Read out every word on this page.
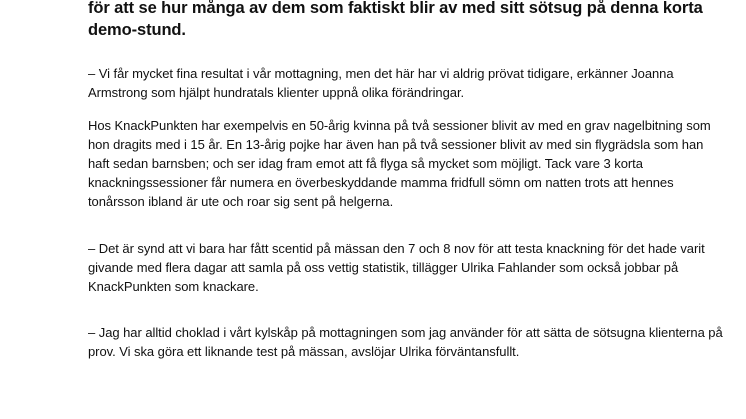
för att se hur många av dem som faktiskt blir av med sitt sötsug på denna korta demo-stund.

– Vi får mycket fina resultat i vår mottagning, men det här har vi aldrig prövat tidigare, erkänner Joanna Armstrong som hjälpt hundratals klienter uppnå olika förändringar.

Hos KnackPunkten har exempelvis en 50-årig kvinna på två sessioner blivit av med en grav nagelbitning som hon dragits med i 15 år. En 13-årig pojke har även han på två sessioner blivit av med sin flygrädsla som han haft sedan barnsben; och ser idag fram emot att få flyga så mycket som möjligt. Tack vare 3 korta knackningssessioner får numera en överbeskyddande mamma fridfull sömn om natten trots att hennes tonårsson ibland är ute och roar sig sent på helgerna.

– Det är synd att vi bara har fått scentid på mässan den 7 och 8 nov för att testa knackning för det hade varit givande med flera dagar att samla på oss vettig statistik, tillägger Ulrika Fahlander som också jobbar på KnackPunkten som knackare.

– Jag har alltid choklad i vårt kylskåp på mottagningen som jag använder för att sätta de sötsugna klienterna på prov. Vi ska göra ett liknande test på mässan, avslöjar Ulrika förväntansfullt.
